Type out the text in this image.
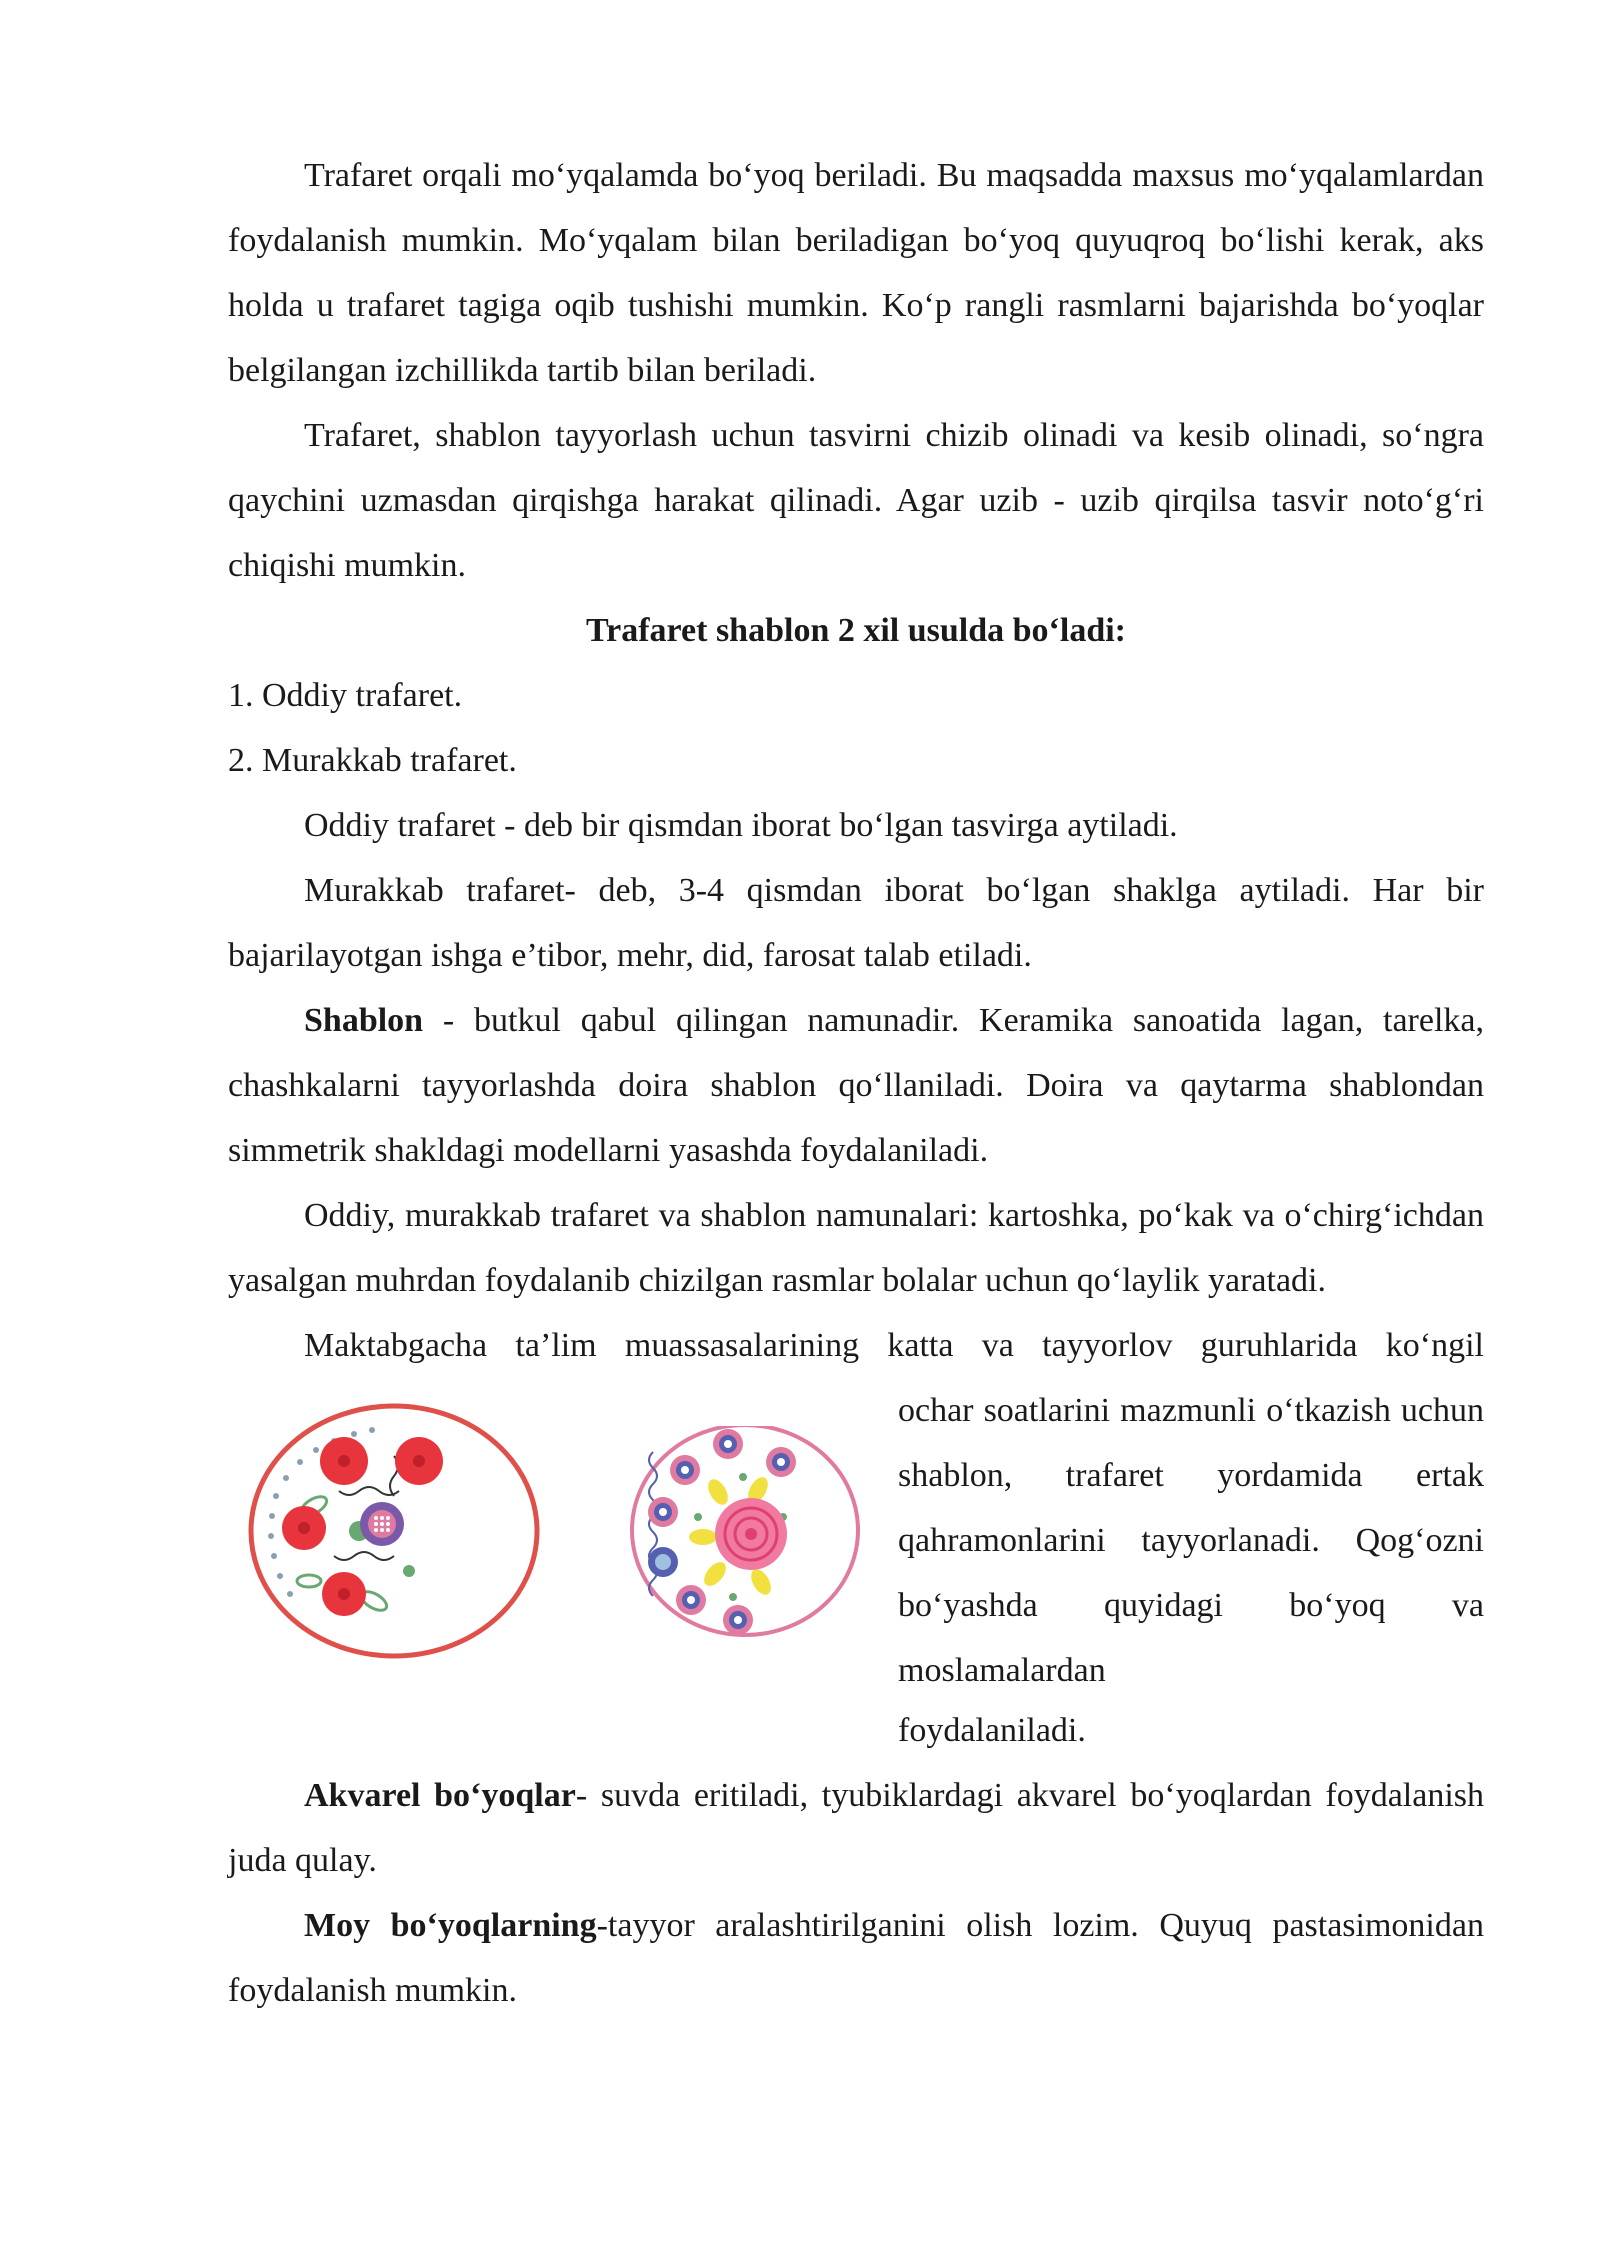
Trafaret orqali mo‘yqalamda bo‘yoq beriladi. Bu maqsadda maxsus mo‘yqalamlardan foydalanish mumkin. Mo‘yqalam bilan beriladigan bo‘yoq quyuqroq bo‘lishi kerak, aks holda u trafaret tagiga oqib tushishi mumkin. Ko‘p rangli rasmlarni bajarishda bo‘yoqlar belgilangan izchillikda tartib bilan beriladi.

Trafaret, shablon tayyorlash uchun tasvirni chizib olinadi va kesib olinadi, so‘ngra qaychini uzmasdan qirqishga harakat qilinadi. Agar uzib - uzib qirqilsa tasvir noto‘g‘ri chiqishi mumkin.

Trafaret shablon 2 xil usulda bo‘ladi:

1. Oddiy trafaret.

2. Murakkab trafaret.

Oddiy trafaret - deb bir qismdan iborat bo‘lgan tasvirga aytiladi.

Murakkab trafaret- deb, 3-4 qismdan iborat bo‘lgan shaklga aytiladi. Har bir bajarilayotgan ishga e’tibor, mehr, did, farosat talab etiladi.

Shablon - butkul qabul qilingan namunadir. Keramika sanoatida lagan, tarelka, chashkalarni tayyorlashda doira shablon qo‘llaniladi. Doira va qaytarma shablondan simmetrik shakldagi modellarni yasashda foydalaniladi.

Oddiy, murakkab trafaret va shablon namunalari: kartoshka, po‘kak va o‘chirg‘ichdan yasalgan muhrdan foydalanib chizilgan rasmlar bolalar uchun qo‘laylik yaratadi.

Maktabgacha ta’lim muassasalarining katta va tayyorlov guruhlarida ko‘ngil

ochar soatlarini mazmunli o‘tkazish uchun shablon, trafaret yordamida ertak qahramonlarini tayyorlanadi. Qog‘ozni bo‘yashda quyidagi bo‘yoq va moslamalardan

foydalaniladi.

Akvarel bo‘yoqlar- suvda eritiladi, tyubiklardagi akvarel bo‘yoqlardan foydalanish juda qulay.

Moy bo‘yoqlarning-tayyor aralashtirilganini olish lozim. Quyuq pastasimonidan foydalanish mumkin.
